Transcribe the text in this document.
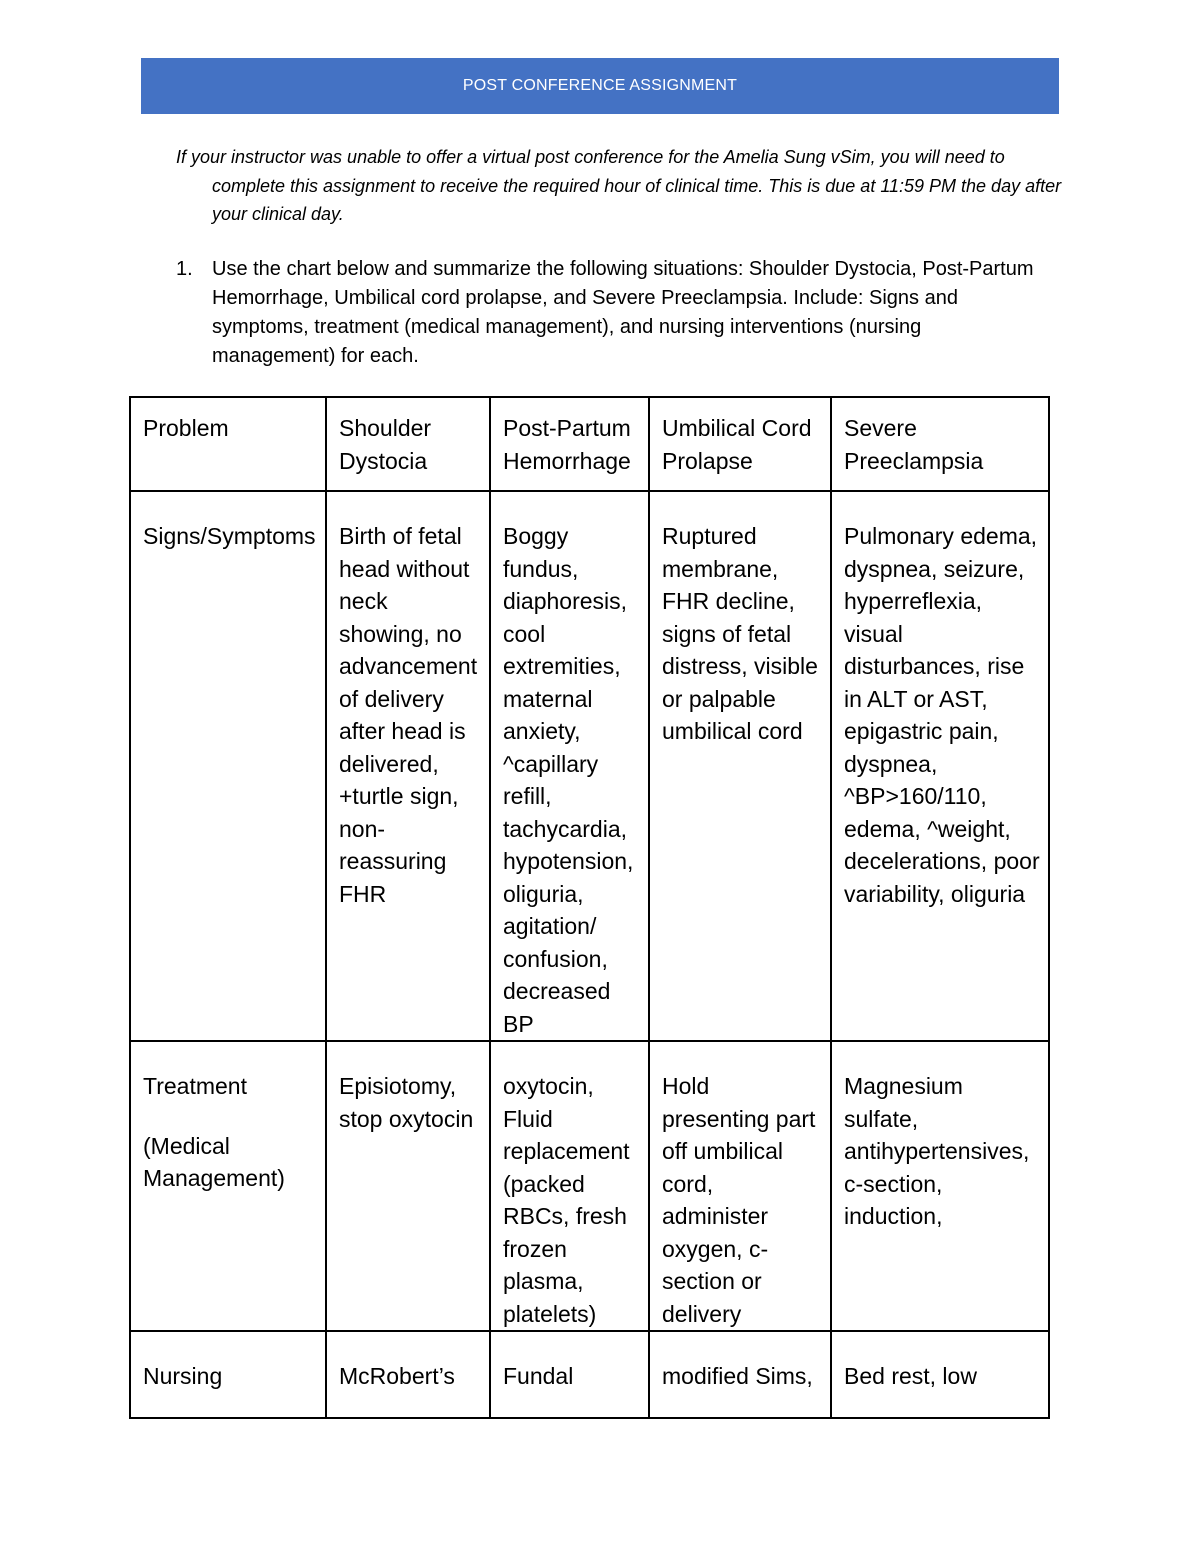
POST CONFERENCE ASSIGNMENT
If your instructor was unable to offer a virtual post conference for the Amelia Sung vSim, you will need to complete this assignment to receive the required hour of clinical time. This is due at 11:59 PM the day after your clinical day.
1. Use the chart below and summarize the following situations: Shoulder Dystocia, Post-Partum Hemorrhage, Umbilical cord prolapse, and Severe Preeclampsia. Include: Signs and symptoms, treatment (medical management), and nursing interventions (nursing management) for each.
Problem	Shoulder Dystocia	Post-Partum Hemorrhage	Umbilical Cord Prolapse	Severe Preeclampsia
Signs/Symptoms	Birth of fetal head without neck showing, no advancement of delivery after head is delivered, +turtle sign, non-reassuring FHR	Boggy fundus, diaphoresis, cool extremities, maternal anxiety, ^capillary refill, tachycardia, hypotension, oliguria, agitation/ confusion, decreased BP	Ruptured membrane, FHR decline, signs of fetal distress, visible or palpable umbilical cord	Pulmonary edema, dyspnea, seizure, hyperreflexia, visual disturbances, rise in ALT or AST, epigastric pain, dyspnea, ^BP>160/110, edema, ^weight, decelerations, poor variability, oliguria
Treatment
(Medical Management)	Episiotomy, stop oxytocin	oxytocin, Fluid replacement (packed RBCs, fresh frozen plasma, platelets)	Hold presenting part off umbilical cord, administer oxygen, c-section or delivery	Magnesium sulfate, antihypertensives, c-section, induction,
Nursing	McRobert’s	Fundal	modified Sims,	Bed rest, low
